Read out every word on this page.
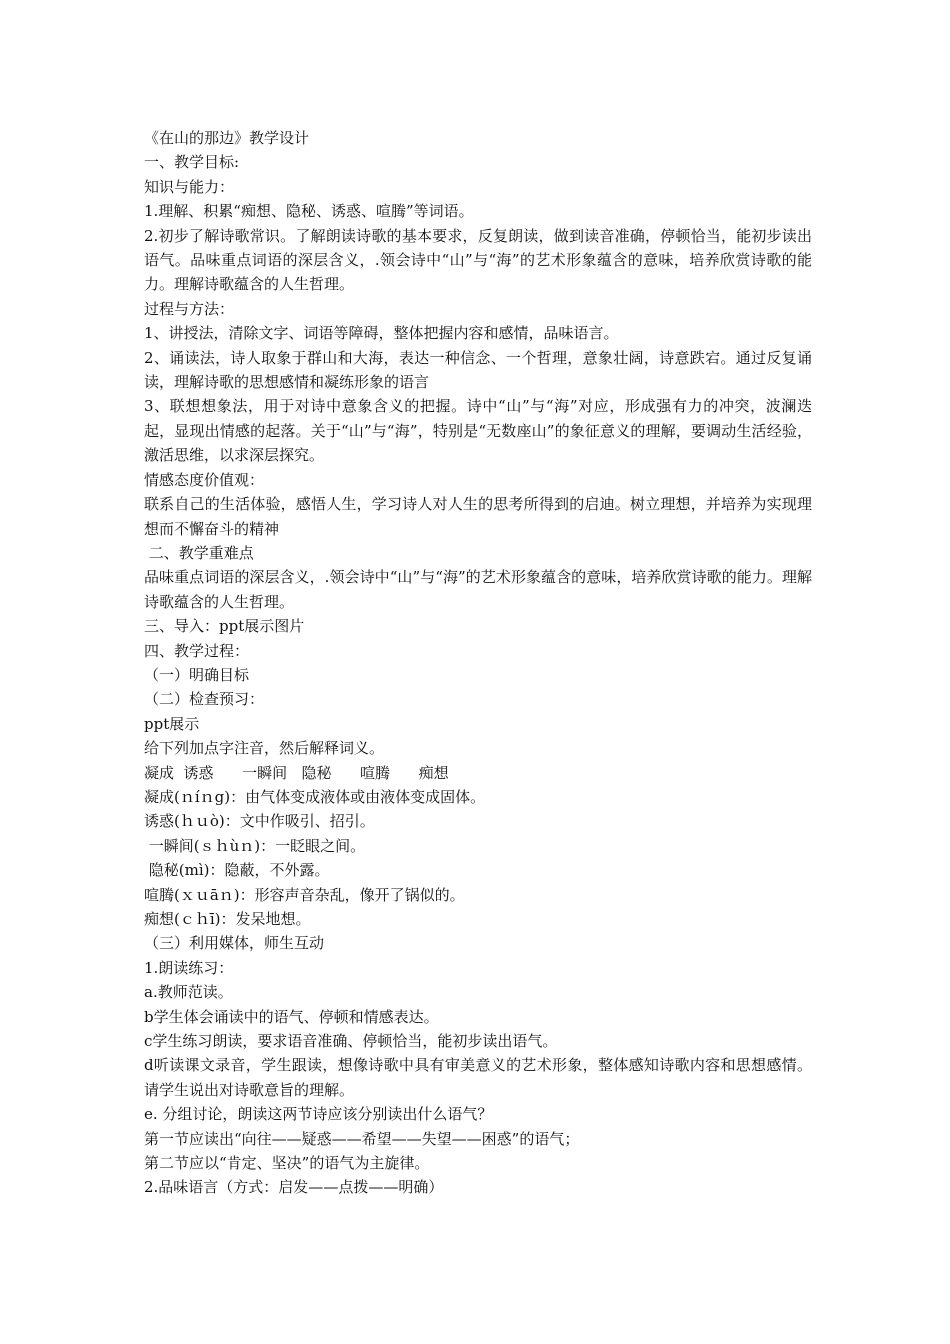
《在山的那边》教学设计
一、教学目标:
知识与能力：
1.理解、积累“痴想、隐秘、诱惑、喧腾”等词语。
2.初步了解诗歌常识。了解朗读诗歌的基本要求，反复朗读，做到读音准确，停顿恰当，能初步读出语气。品味重点词语的深层含义，.领会诗中“山”与“海”的艺术形象蕴含的意味，培养欣赏诗歌的能力。理解诗歌蕴含的人生哲理。
过程与方法：
1、讲授法，清除文字、词语等障碍，整体把握内容和感情，品味语言。
2、诵读法，诗人取象于群山和大海，表达一种信念、一个哲理，意象壮阔，诗意跌宕。通过反复诵读，理解诗歌的思想感情和凝练形象的语言
3、联想想象法，用于对诗中意象含义的把握。诗中“山”与“海”对应，形成强有力的冲突，波澜迭起，显现出情感的起落。关于“山”与“海”，特别是“无数座山”的象征意义的理解，要调动生活经验，激活思维，以求深层探究。
情感态度价值观：
联系自己的生活体验，感悟人生，学习诗人对人生的思考所得到的启迪。树立理想，并培养为实现理想而不懈奋斗的精神
二、教学重难点
品味重点词语的深层含义，.领会诗中“山”与“海”的艺术形象蕴含的意味，培养欣赏诗歌的能力。理解诗歌蕴含的人生哲理。
三、导入：ppt展示图片
四、教学过程：
（一）明确目标
（二）检查预习：
ppt展示
给下列加点字注音，然后解释词义。
凝成  诱惑      一瞬间   隐秘      喧腾      痴想
凝成(ｎíｎg)：由气体变成液体或由液体变成固体。
诱惑(ｈｕò)：文中作吸引、招引。
一瞬间(ｓｈùｎ)：一眨眼之间。
隐秘(mì)：隐蔽，不外露。
喧腾(ｘｕāｎ)：形容声音杂乱，像开了锅似的。
痴想(ｃｈī)：发呆地想。
（三）利用媒体，师生互动
1.朗读练习：
a.教师范读。
b学生体会诵读中的语气、停顿和情感表达。
c学生练习朗读，要求语音准确、停顿恰当，能初步读出语气。
d听读课文录音，学生跟读，想像诗歌中具有审美意义的艺术形象，整体感知诗歌内容和思想感情。请学生说出对诗歌意旨的理解。
e. 分组讨论，朗读这两节诗应该分别读出什么语气？
第一节应读出“向往——疑惑——希望——失望——困惑”的语气；
第二节应以“肯定、坚决”的语气为主旋律。
2.品味语言（方式：启发——点拨——明确）
